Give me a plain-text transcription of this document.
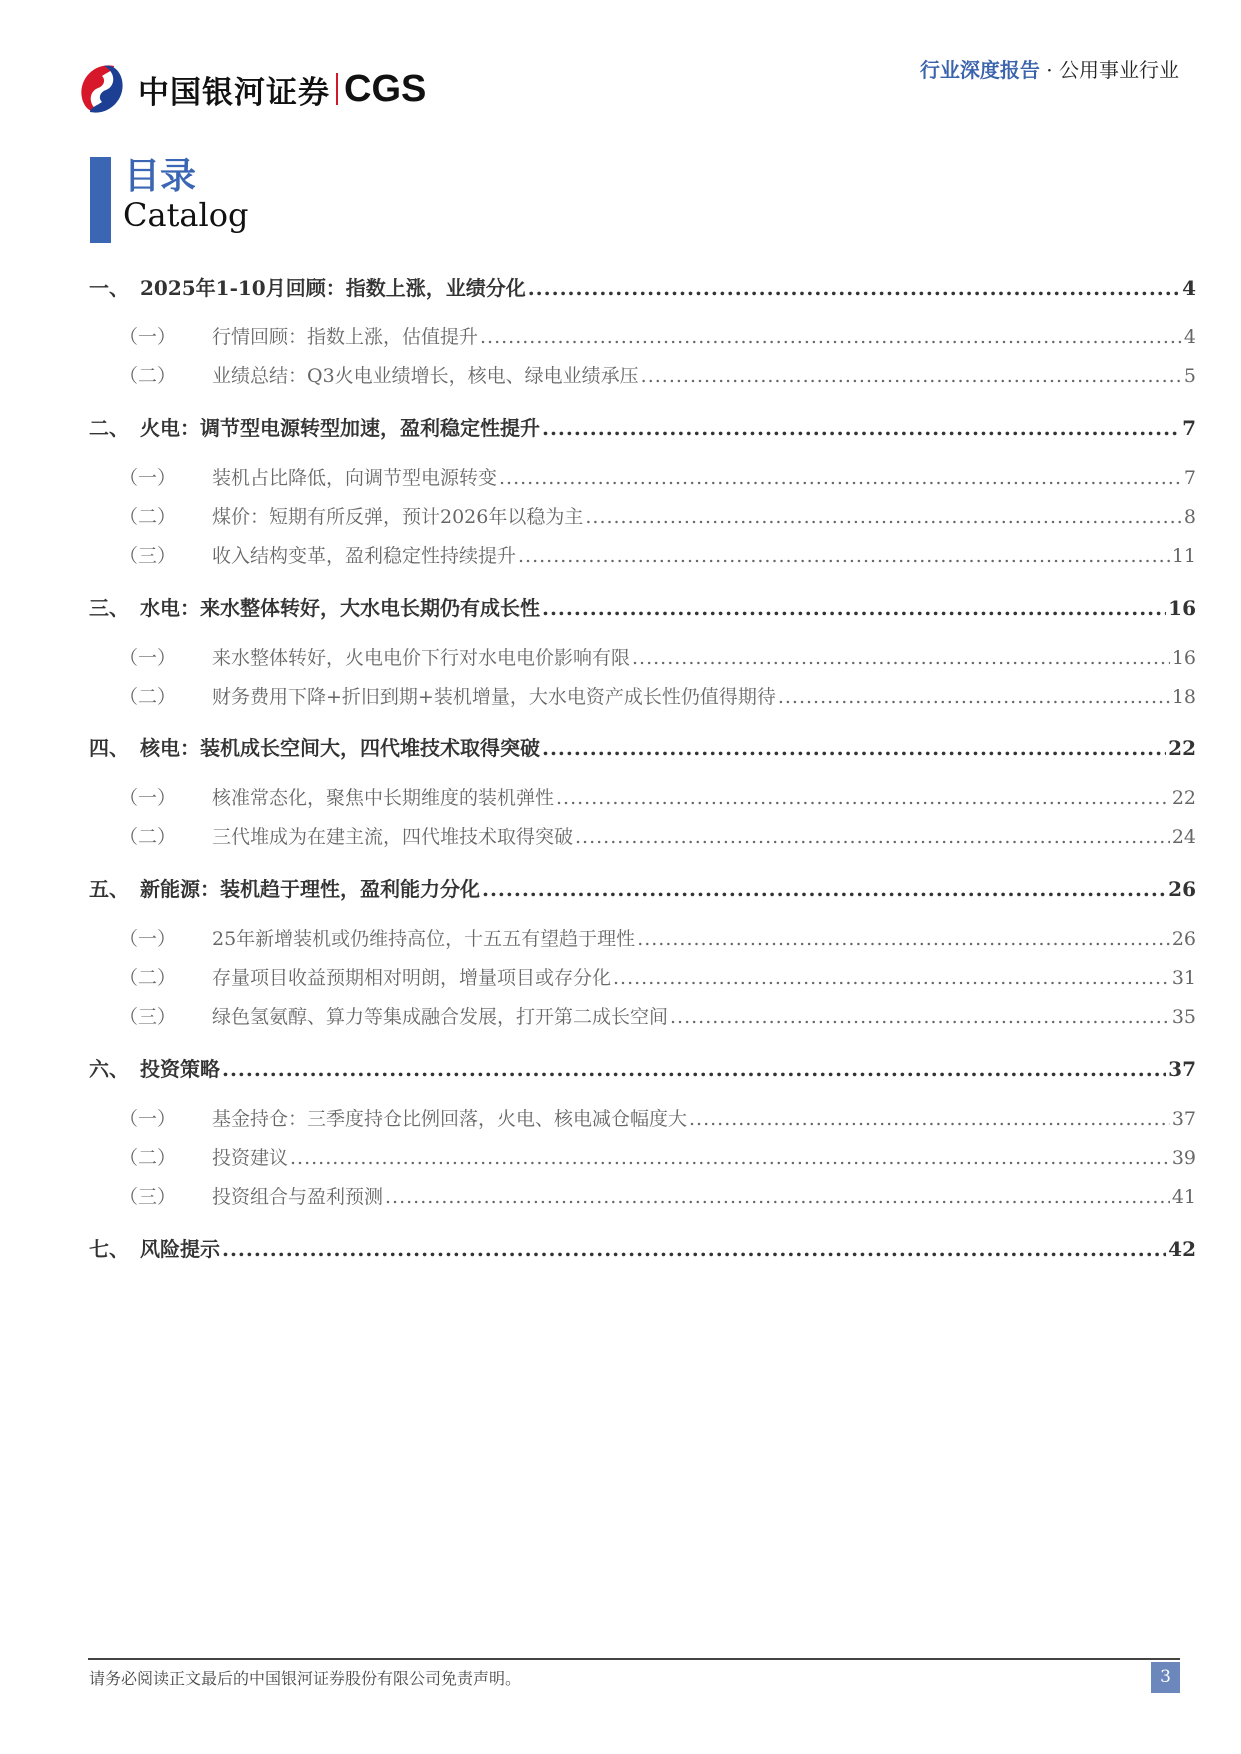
中国银河证券 CGS	行业深度报告 · 公用事业行业
目录
Catalog
一、 2025年1-10月回顾：指数上涨，业绩分化 .....	4
（一）	行情回顾：指数上涨，估值提升 .....	4
（二）	业绩总结：Q3火电业绩增长，核电、绿电业绩承压 .....	5
二、 火电：调节型电源转型加速，盈利稳定性提升 .....	7
（一）	装机占比降低，向调节型电源转变 .....	7
（二）	煤价：短期有所反弹，预计2026年以稳为主 .....	8
（三）	收入结构变革，盈利稳定性持续提升 .....	11
三、 水电：来水整体转好，大水电长期仍有成长性 .....	16
（一）	来水整体转好，火电电价下行对水电电价影响有限 .....	16
（二）	财务费用下降+折旧到期+装机增量，大水电资产成长性仍值得期待 .....	18
四、 核电：装机成长空间大，四代堆技术取得突破 .....	22
（一）	核准常态化，聚焦中长期维度的装机弹性 .....	22
（二）	三代堆成为在建主流，四代堆技术取得突破 .....	24
五、 新能源：装机趋于理性，盈利能力分化 .....	26
（一）	25年新增装机或仍维持高位，十五五有望趋于理性 .....	26
（二）	存量项目收益预期相对明朗，增量项目或存分化 .....	31
（三）	绿色氢氨醇、算力等集成融合发展，打开第二成长空间 .....	35
六、 投资策略 .....	37
（一）	基金持仓：三季度持仓比例回落，火电、核电减仓幅度大 .....	37
（二）	投资建议 .....	39
（三）	投资组合与盈利预测 .....	41
七、 风险提示 .....	42
请务必阅读正文最后的中国银河证券股份有限公司免责声明。	3
